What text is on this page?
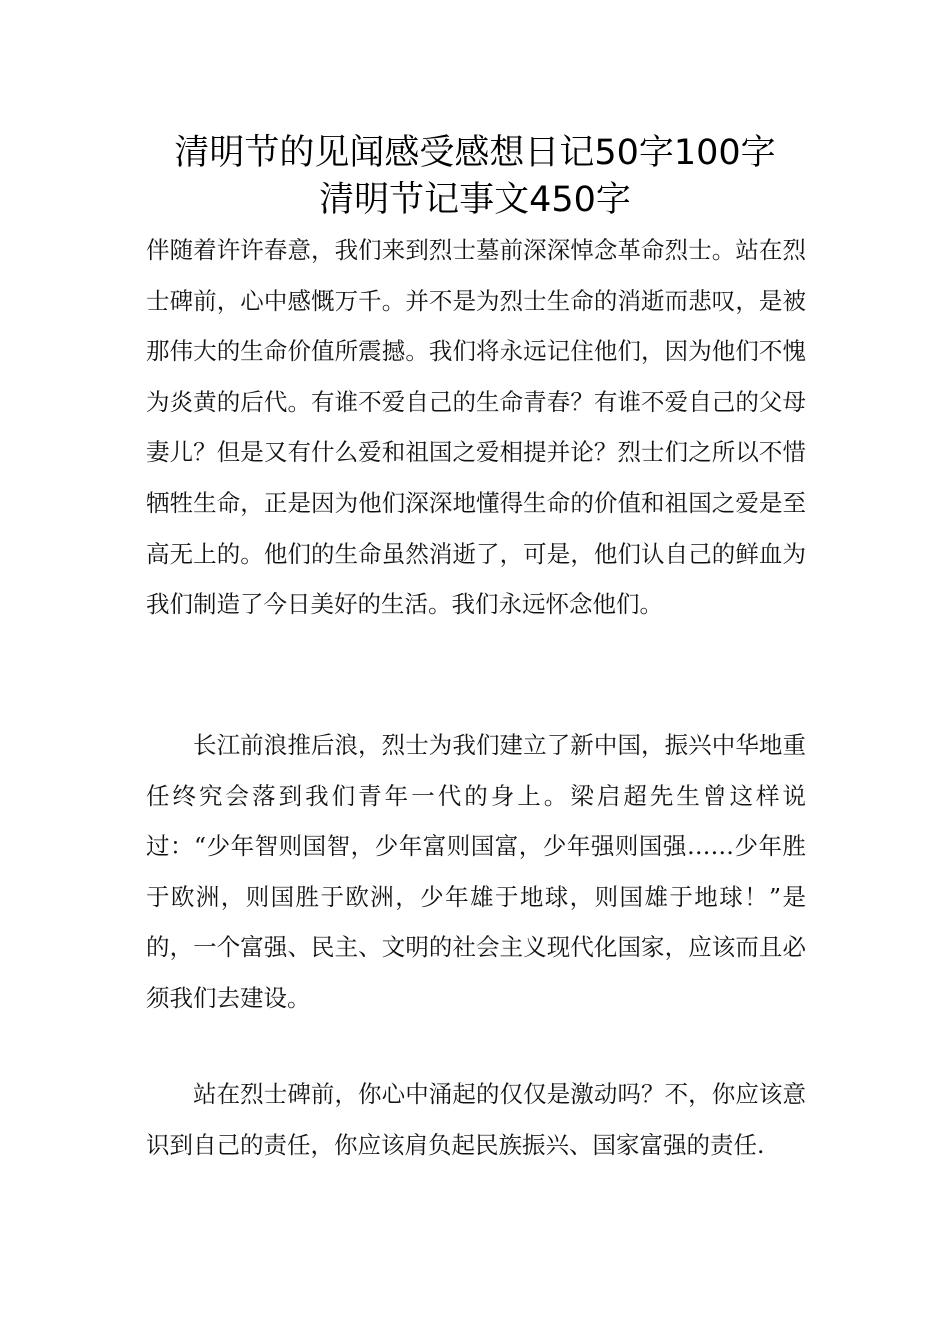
清明节的见闻感受感想日记50字100字
清明节记事文450字

伴随着许许春意，我们来到烈士墓前深深悼念革命烈士。站在烈士碑前，心中感慨万千。并不是为烈士生命的消逝而悲叹，是被那伟大的生命价值所震撼。我们将永远记住他们，因为他们不愧为炎黄的后代。有谁不爱自己的生命青春？有谁不爱自己的父母妻儿？但是又有什么爱和祖国之爱相提并论？烈士们之所以不惜牺牲生命，正是因为他们深深地懂得生命的价值和祖国之爱是至高无上的。他们的生命虽然消逝了，可是，他们认自己的鲜血为我们制造了今日美好的生活。我们永远怀念他们。

长江前浪推后浪，烈士为我们建立了新中国，振兴中华地重任终究会落到我们青年一代的身上。梁启超先生曾这样说过：“少年智则国智，少年富则国富，少年强则国强……少年胜于欧洲，则国胜于欧洲，少年雄于地球，则国雄于地球！”是的，一个富强、民主、文明的社会主义现代化国家，应该而且必须我们去建设。

站在烈士碑前，你心中涌起的仅仅是激动吗？不，你应该意识到自己的责任，你应该肩负起民族振兴、国家富强的责任.
